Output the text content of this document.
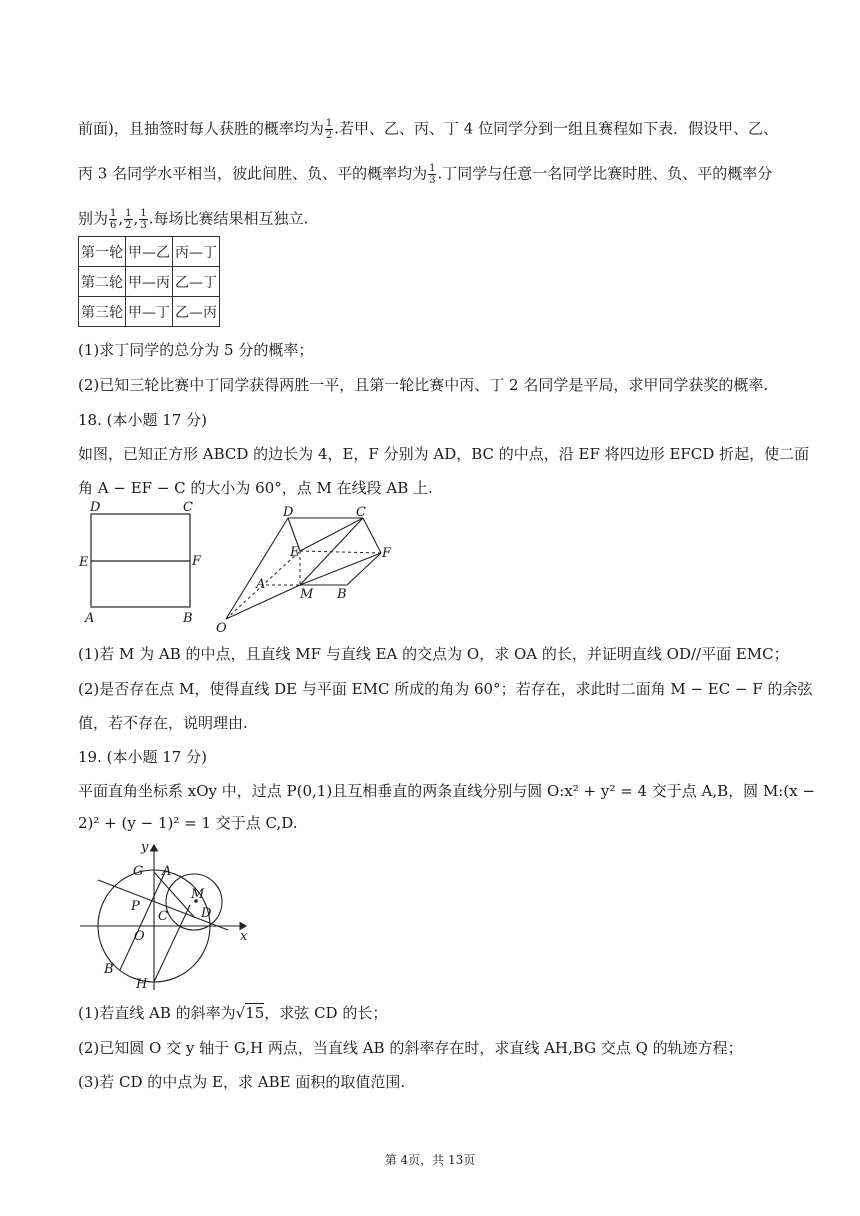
前面)，且抽签时每人获胜的概率均为 $\frac{1}{2}$ .若甲、乙、丙、丁 4 位同学分到一组且赛程如下表．假设甲、乙、
丙 3 名同学水平相当，彼此间胜、负、平的概率均为 $\frac{1}{3}$ .丁同学与任意一名同学比赛时胜、负、平的概率分
别为 $\frac{1}{6}$ , $\frac{1}{2}$ , $\frac{1}{3}$ .每场比赛结果相互独立.
第一轮	甲—乙	丙—丁
第二轮	甲—丙	乙—丁
第三轮	甲—丁	乙—丙
(1)求丁同学的总分为 5 分的概率；
(2)已知三轮比赛中丁同学获得两胜一平，且第一轮比赛中丙、丁 2 名同学是平局，求甲同学获奖的概率.
18. (本小题 17 分)
如图，已知正方形 ABCD 的边长为 4，E，F 分别为 AD，BC 的中点，沿 EF 将四边形 EFCD 折起，使二面
角 A − EF − C 的大小为 60°，点 M 在线段 AB 上.
D	C
E	F
A	B
D	C
E	F
A
M B
O
(1)若 M 为 AB 的中点，且直线 MF 与直线 EA 的交点为 O，求 OA 的长，并证明直线 OD//平面 EMC；
(2)是否存在点 M，使得直线 DE 与平面 EMC 所成的角为 60°；若存在，求此时二面角 M − EC − F 的余弦
值，若不存在，说明理由.
19. (本小题 17 分)
平面直角坐标系 xOy 中，过点 P(0,1)且互相垂直的两条直线分别与圆 O:x² + y² = 4 交于点 A,B，圆 M:(x −
2)² + (y − 1)² = 1 交于点 C,D.
y
x
G A
M
P
C	D
O
B
H
(1)若直线 AB 的斜率为√15，求弦 CD 的长；
(2)已知圆 O 交 y 轴于 G,H 两点，当直线 AB 的斜率存在时，求直线 AH,BG 交点 Q 的轨迹方程；
(3)若 CD 的中点为 E，求 ABE 面积的取值范围.
第 4页，共 13页
